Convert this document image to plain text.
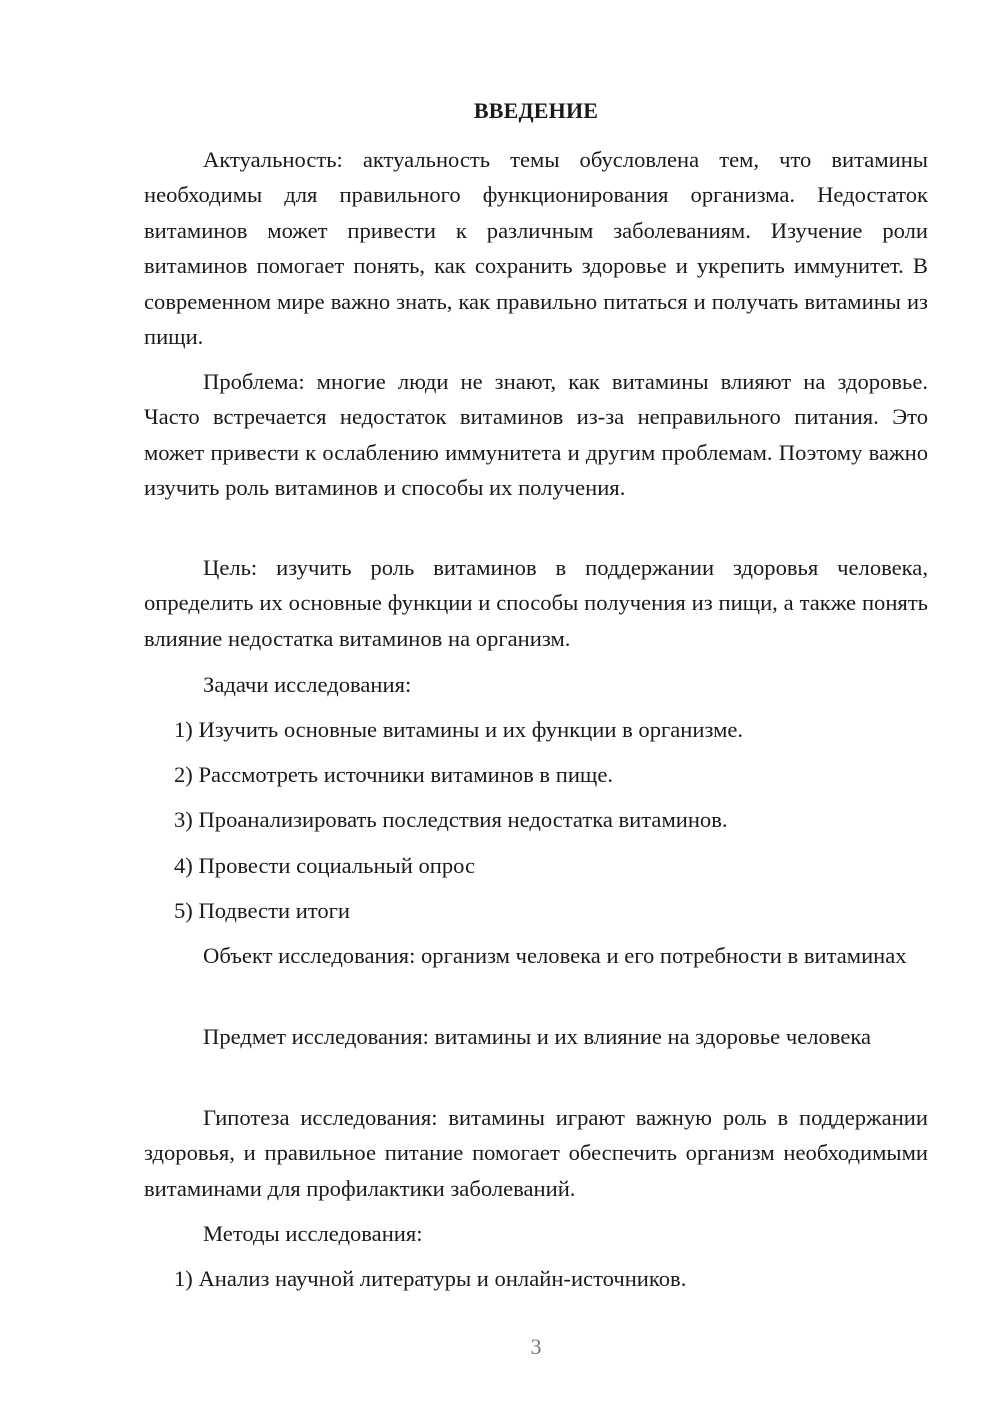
ВВЕДЕНИЕ

Актуальность: актуальность темы обусловлена тем, что витамины необходимы для правильного функционирования организма. Недостаток витаминов может привести к различным заболеваниям. Изучение роли витаминов помогает понять, как сохранить здоровье и укрепить иммунитет. В современном мире важно знать, как правильно питаться и получать витамины из пищи.

Проблема: многие люди не знают, как витамины влияют на здоровье. Часто встречается недостаток витаминов из-за неправильного питания. Это может привести к ослаблению иммунитета и другим проблемам. Поэтому важно изучить роль витаминов и способы их получения.

Цель: изучить роль витаминов в поддержании здоровья человека, определить их основные функции и способы получения из пищи, а также понять влияние недостатка витаминов на организм.

Задачи исследования:

1) Изучить основные витамины и их функции в организме.

2) Рассмотреть источники витаминов в пище.

3) Проанализировать последствия недостатка витаминов.

4) Провести социальный опрос

5) Подвести итоги

Объект исследования: организм человека и его потребности в витаминах

Предмет исследования: витамины и их влияние на здоровье человека

Гипотеза исследования: витамины играют важную роль в поддержании здоровья, и правильное питание помогает обеспечить организм необходимыми витаминами для профилактики заболеваний.

Методы исследования:

1) Анализ научной литературы и онлайн-источников.

3
